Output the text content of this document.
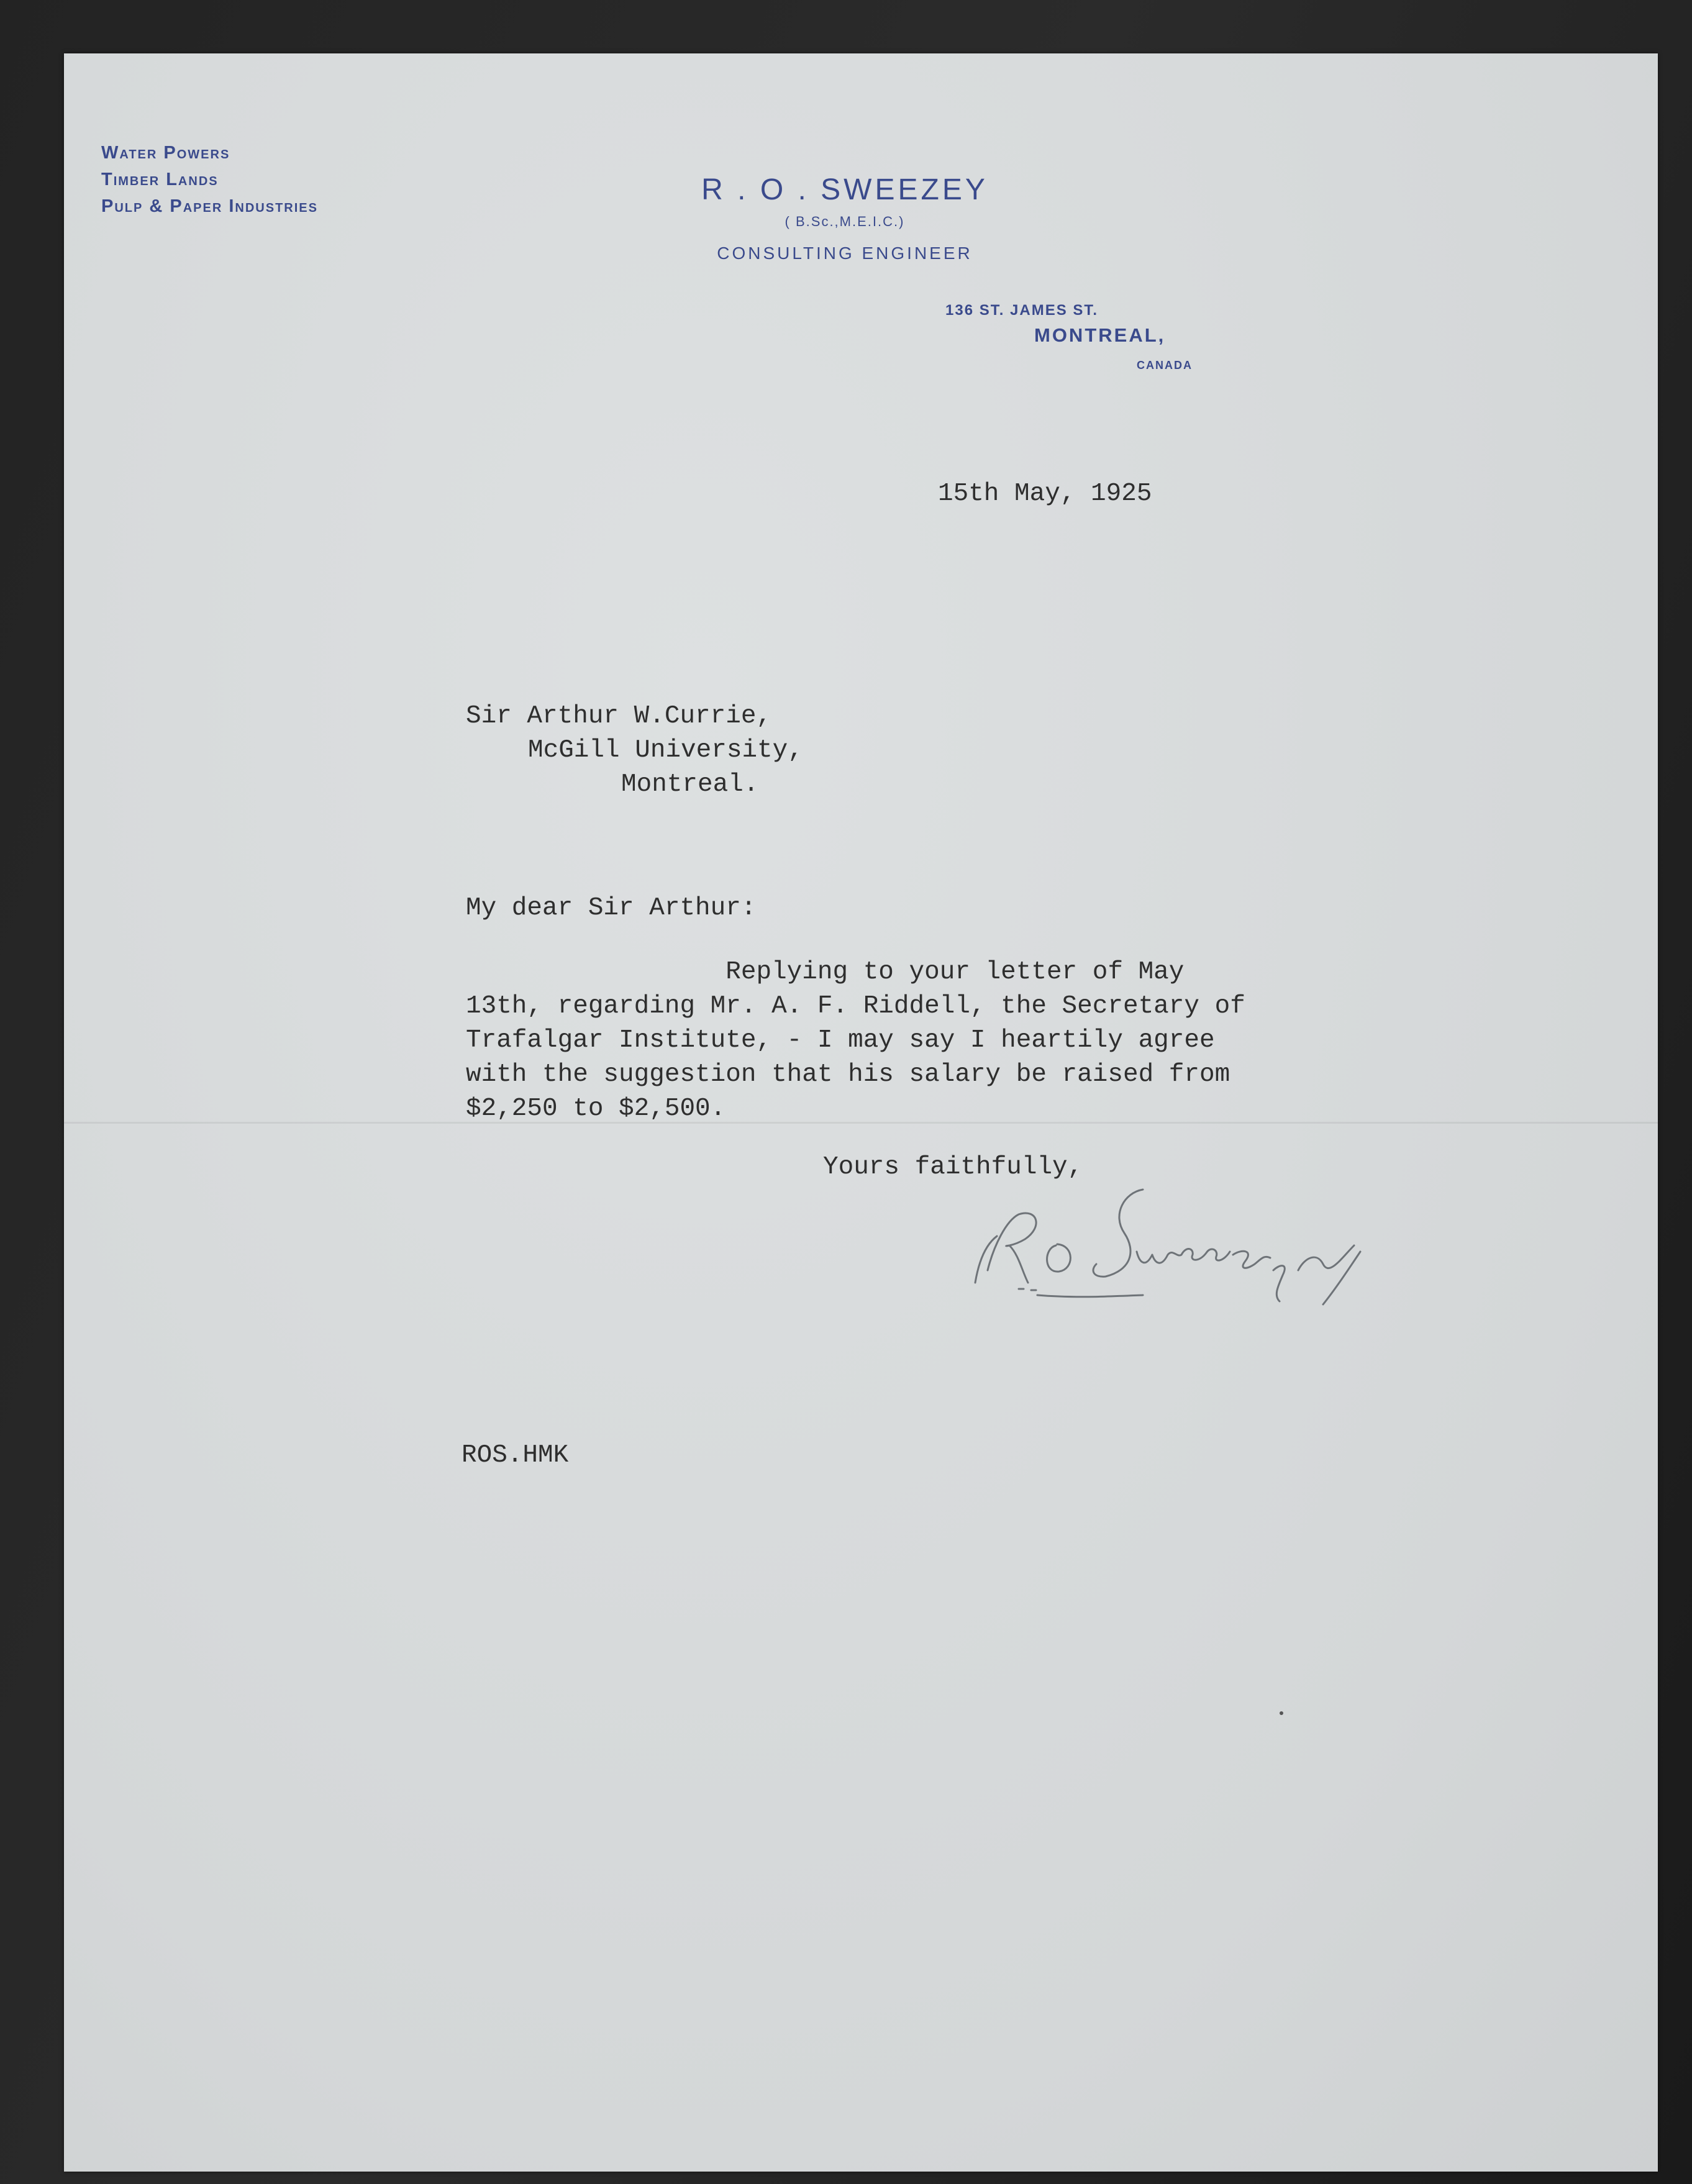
Water Powers
Timber Lands
Pulp & Paper Industries	R . O . SWEEZEY
( B.Sc.,M.E.I.C.)
CONSULTING ENGINEER
136 ST. JAMES ST.
MONTREAL,
CANADA
15th May, 1925
Sir Arthur W.Currie,
McGill University,
Montreal.
My dear Sir Arthur:
Replying to your letter of May
13th, regarding Mr. A. F. Riddell, the Secretary of
Trafalgar Institute, - I may say I heartily agree
with the suggestion that his salary be raised from
$2,250 to $2,500.
Yours faithfully,
ROS.HMK
